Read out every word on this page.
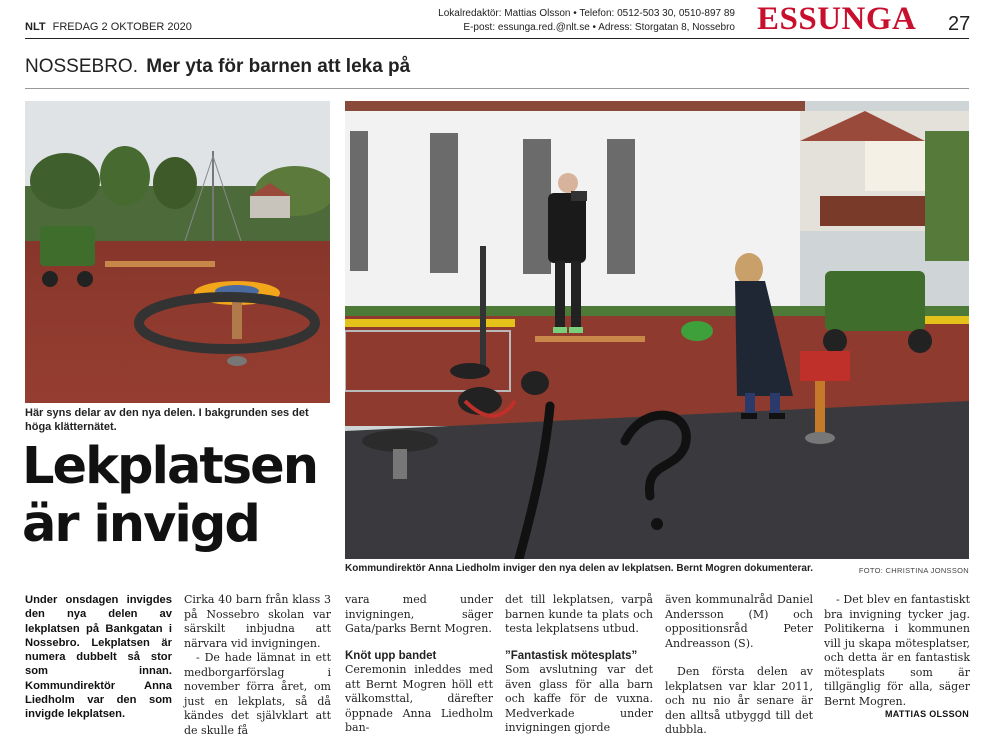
NLT FREDAG 2 OKTOBER 2020
Lokalredaktör: Mattias Olsson • Telefon: 0512-503 30, 0510-897 89
E-post: essunga.red.@nlt.se • Adress: Storgatan 8, Nossebro ESSUNGA 27
NOSSEBRO. Mer yta för barnen att leka på
Här syns delar av den nya delen. I bakgrunden ses det höga klätternätet.
Kommundirektör Anna Liedholm inviger den nya delen av lekplatsen. Bernt Mogren dokumenterar.	FOTO: CHRISTINA JONSSON
Lekplatsen
är invigd

Under onsdagen invigdes den nya delen av lekplatsen på Bankgatan i Nossebro. Lekplatsen är numera dubbelt så stor som innan. Kommundirektör Anna Liedholm var den som invigde lekplatsen.

Cirka 40 barn från klass 3 på Nossebro skolan var särskilt inbjudna att närvara vid invigningen.

- De hade lämnat in ett medborgarförslag i november förra året, om just en lekplats, så då kändes det självklart att de skulle få

vara med under invigningen, säger Gata/parks Bernt Mogren.

Knöt upp bandet

Ceremonin inleddes med att Bernt Mogren höll ett välkomsttal, därefter öppnade Anna Liedholm ban-

det till lekplatsen, varpå barnen kunde ta plats och testa lekplatsens utbud.

”Fantastisk mötesplats”

Som avslutning var det även glass för alla barn och kaffe för de vuxna. Medverkade under invigningen gjorde

även kommunalråd Daniel Andersson (M) och oppositionsråd Peter Andreasson (S).

Den första delen av lekplatsen var klar 2011, och nu nio år senare är den alltså utbyggd till det dubbla.

- Det blev en fantastiskt bra invigning tycker jag. Politikerna i kommunen vill ju skapa mötesplatser, och detta är en fantastisk mötesplats som är tillgänglig för alla, säger Bernt Mogren.

MATTIAS OLSSON
